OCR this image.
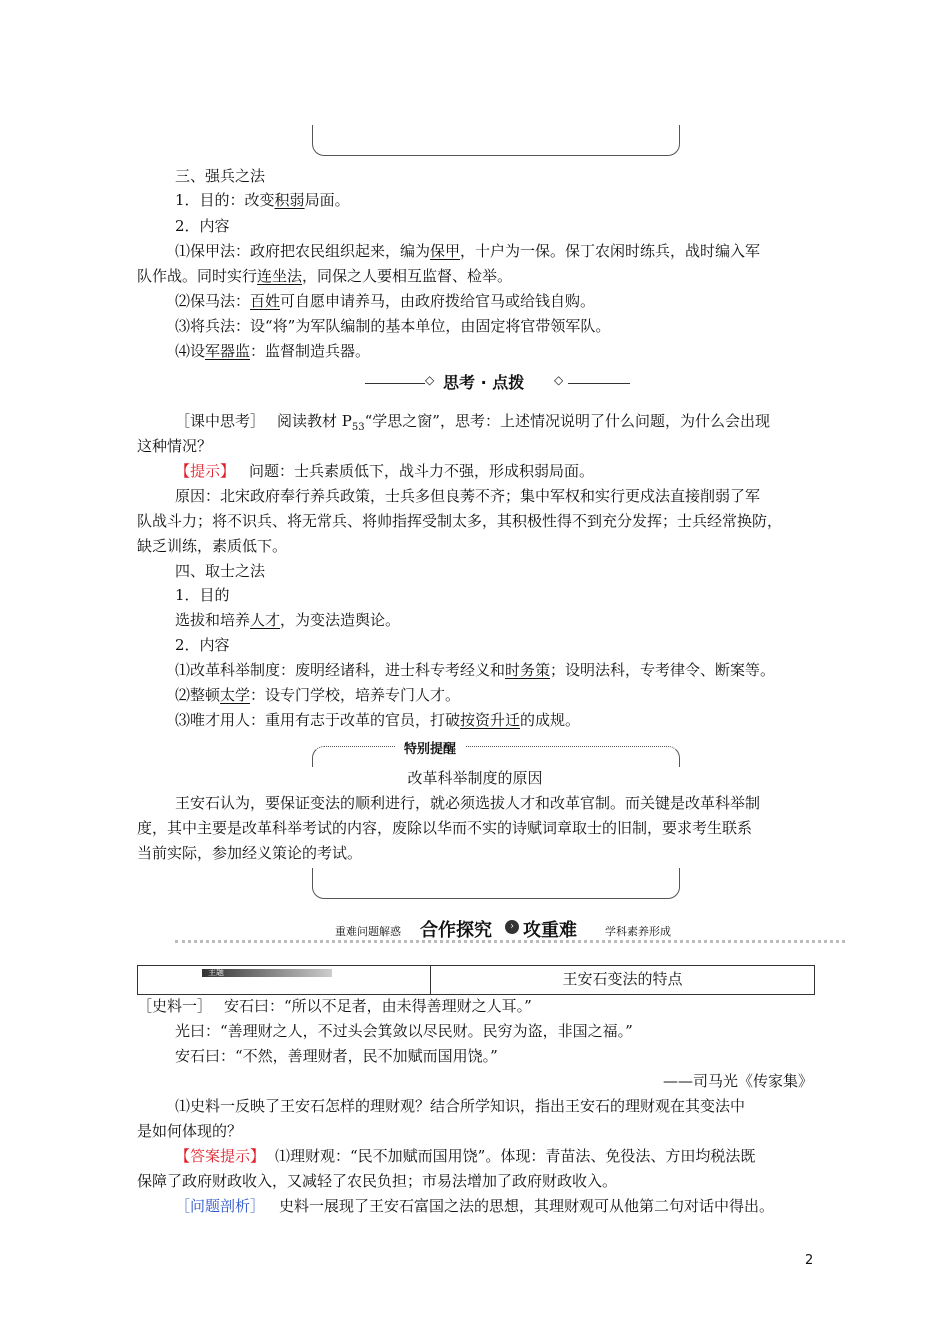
三、强兵之法
1．目的：改变积弱局面。
2．内容
⑴保甲法：政府把农民组织起来，编为保甲，十户为一保。保丁农闲时练兵，战时编入军
队作战。同时实行连坐法，同保之人要相互监督、检举。
⑵保马法：百姓可自愿申请养马，由政府拨给官马或给钱自购。
⑶将兵法：设“将”为军队编制的基本单位，由固定将官带领军队。
⑷设军器监：监督制造兵器。
◇	◇
思考 · 点拨
［课中思考］ 阅读教材 $P_{53}“$学思之窗”，思考：上述情况说明了什么问题，为什么会出现
这种情况？
【提示】 问题：士兵素质低下，战斗力不强，形成积弱局面。
原因：北宋政府奉行养兵政策，士兵多但良莠不齐；集中军权和实行更戍法直接削弱了军
队战斗力；将不识兵、将无常兵、将帅指挥受制太多，其积极性得不到充分发挥；士兵经常换防，
缺乏训练，素质低下。
四、取士之法
1．目的
选拔和培养人才，为变法造舆论。
2．内容
⑴改革科举制度：废明经诸科，进士科专考经义和时务策；设明法科，专考律令、断案等。
⑵整顿太学：设专门学校，培养专门人才。
⑶唯才用人：重用有志于改革的官员，打破按资升迁的成规。
特别提醒
改革科举制度的原因
王安石认为，要保证变法的顺利进行，就必须选拔人才和改革官制。而关键是改革科举制
度，其中主要是改革科举考试的内容，废除以华而不实的诗赋词章取士的旧制，要求考生联系
当前实际，参加经义策论的考试。
重难问题解惑 合作探究	› 攻重难	学科素养形成
主题	王安石变法的特点
［史料一］ 安石曰：“所以不足者，由未得善理财之人耳。”
光曰：“善理财之人，不过头会箕敛以尽民财。民穷为盗，非国之福。”
安石曰：“不然，善理财者，民不加赋而国用饶。”
——司马光《传家集》
⑴史料一反映了王安石怎样的理财观？结合所学知识，指出王安石的理财观在其变法中
是如何体现的？
【答案提示】 ⑴理财观：“民不加赋而国用饶”。体现：青苗法、免役法、方田均税法既
保障了政府财政收入，又减轻了农民负担；市易法增加了政府财政收入。
［问题剖析］ 史料一展现了王安石富国之法的思想，其理财观可从他第二句对话中得出。
2
